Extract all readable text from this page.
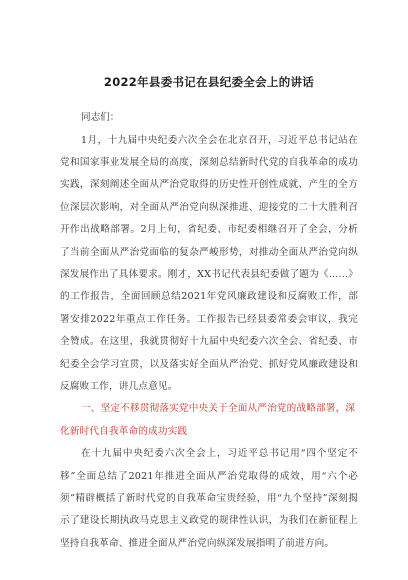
2022年县委书记在县纪委全会上的讲话

同志们：

1月，十九届中央纪委六次全会在北京召开，习近平总书记站在党和国家事业发展全局的高度，深刻总结新时代党的自我革命的成功实践，深刻阐述全面从严治党取得的历史性开创性成就、产生的全方位深层次影响，对全面从严治党向纵深推进、迎接党的二十大胜利召开作出战略部署。2月上旬，省纪委、市纪委相继召开了全会，分析了当前全面从严治党面临的复杂严峻形势，对推动全面从严治党向纵深发展作出了具体要求。刚才，XX书记代表县纪委做了题为《......》的工作报告，全面回顾总结2021年党风廉政建设和反腐败工作，部署安排2022年重点工作任务。工作报告已经县委常委会审议，我完全赞成。在这里，我就贯彻好十九届中央纪委六次全会、省纪委、市纪委全会学习宣贯，以及落实好全面从严治党、抓好党风廉政建设和反腐败工作，讲几点意见。

一、坚定不移贯彻落实党中央关于全面从严治党的战略部署，深化新时代自我革命的成功实践

在十九届中央纪委六次全会上，习近平总书记用“四个坚定不移”全面总结了2021年推进全面从严治党取得的成效，用“六个必须”精辟概括了新时代党的自我革命宝贵经验，用“九个坚持”深刻揭示了建设长期执政马克思主义政党的规律性认识，为我们在新征程上坚持自我革命、推进全面从严治党向纵深发展指明了前进方向。
